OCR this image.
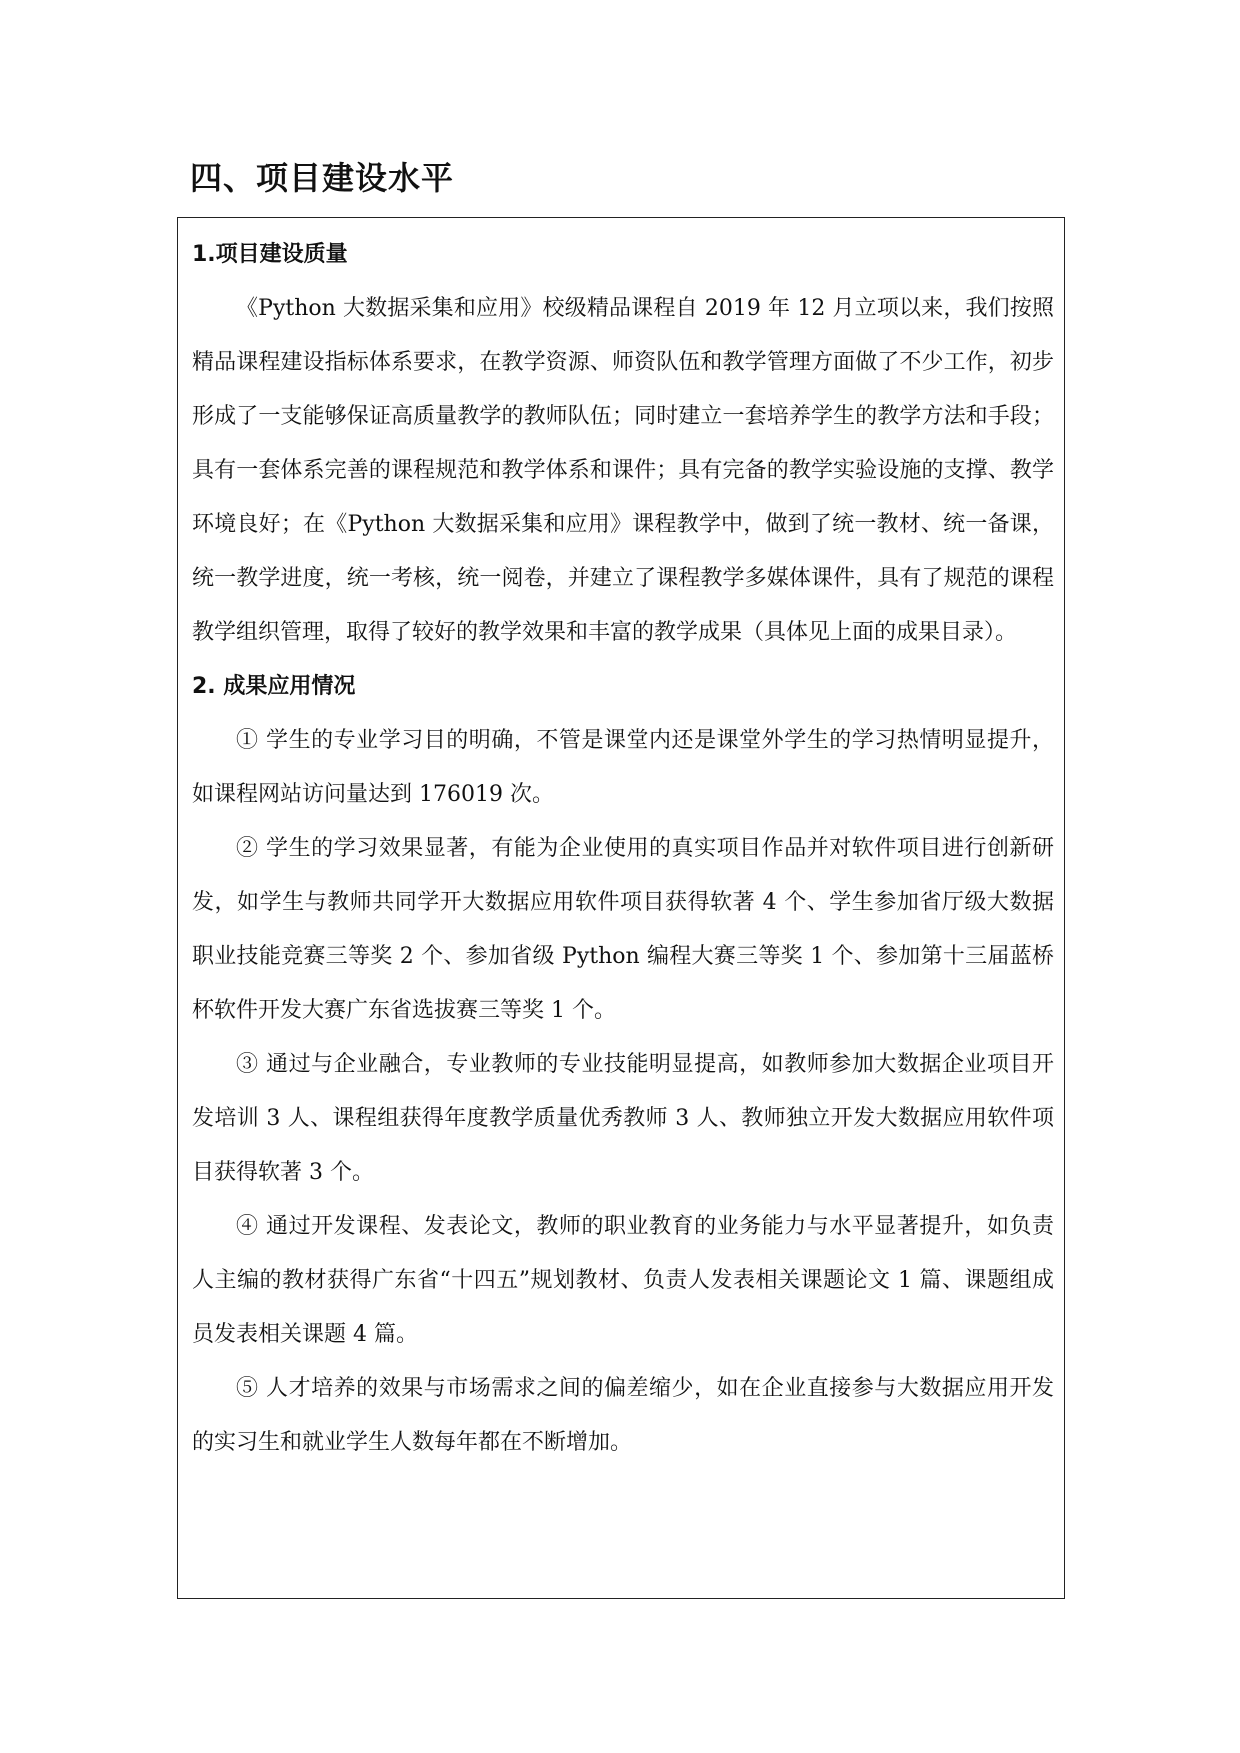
四、项目建设水平
1.项目建设质量

《Python 大数据采集和应用》校级精品课程自 2019 年 12 月立项以来，我们按照精品课程建设指标体系要求，在教学资源、师资队伍和教学管理方面做了不少工作，初步形成了一支能够保证高质量教学的教师队伍；同时建立一套培养学生的教学方法和手段；具有一套体系完善的课程规范和教学体系和课件；具有完备的教学实验设施的支撑、教学环境良好；在《Python 大数据采集和应用》课程教学中，做到了统一教材、统一备课，统一教学进度，统一考核，统一阅卷，并建立了课程教学多媒体课件，具有了规范的课程教学组织管理，取得了较好的教学效果和丰富的教学成果（具体见上面的成果目录）。

2. 成果应用情况

① 学生的专业学习目的明确，不管是课堂内还是课堂外学生的学习热情明显提升，如课程网站访问量达到 176019 次。

② 学生的学习效果显著，有能为企业使用的真实项目作品并对软件项目进行创新研发，如学生与教师共同学开大数据应用软件项目获得软著 4 个、学生参加省厅级大数据职业技能竞赛三等奖 2 个、参加省级 Python 编程大赛三等奖 1 个、参加第十三届蓝桥杯软件开发大赛广东省选拔赛三等奖 1 个。

③ 通过与企业融合，专业教师的专业技能明显提高，如教师参加大数据企业项目开发培训 3 人、课程组获得年度教学质量优秀教师 3 人、教师独立开发大数据应用软件项目获得软著 3 个。

④ 通过开发课程、发表论文，教师的职业教育的业务能力与水平显著提升，如负责人主编的教材获得广东省“十四五”规划教材、负责人发表相关课题论文 1 篇、课题组成员发表相关课题 4 篇。

⑤ 人才培养的效果与市场需求之间的偏差缩少，如在企业直接参与大数据应用开发的实习生和就业学生人数每年都在不断增加。
